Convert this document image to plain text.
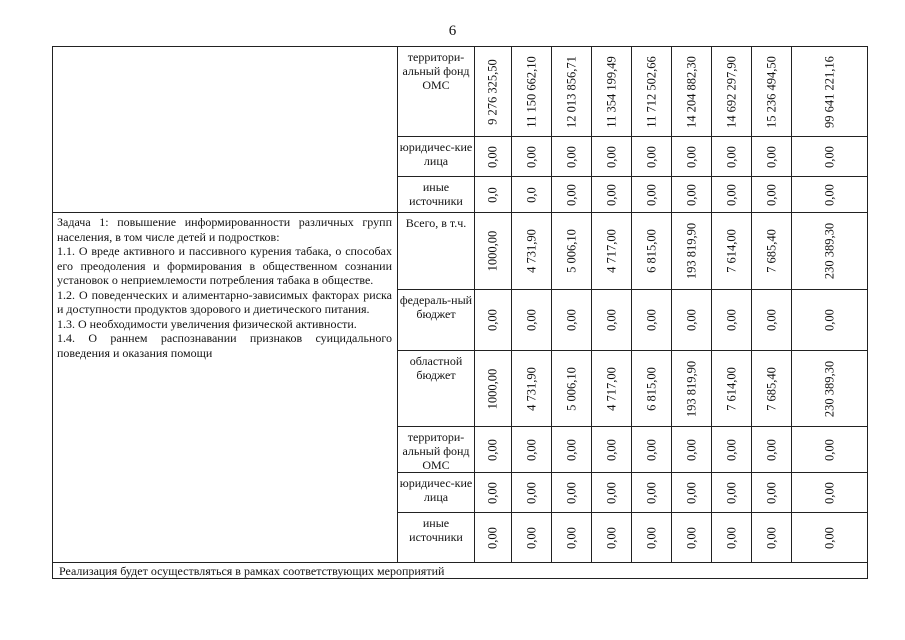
6
	территори-альный фонд ОМС	9 276 325,50	11 150 662,10	12 013 856,71	11 354 199,49	11 712 502,66	14 204 882,30	14 692 297,90	15 236 494,50	99 641 221,16

	юридичес-кие лица	0,00	0,00	0,00	0,00	0,00	0,00	0,00	0,00	0,00

	иные источники	0,0	0,0	0,00	0,00	0,00	0,00	0,00	0,00	0,00

Задача 1: повышение информированности различных групп населения, в том числе детей и подростков:

1.1. О вреде активного и пассивного курения табака, о способах его преодоления и формирования в общественном сознании установок о неприемлемости потребления табака в обществе.

1.2. О поведенческих и алиментарно-зависимых факторах риска и доступности продуктов здорового и диетического питания.

1.3. О необходимости увеличения физической активности.

1.4. О раннем распознавании признаков суицидального поведения и оказания помощи	Всего, в т.ч.	1000,00	4 731,90	5 006,10	4 717,00	6 815,00	193 819,90	7 614,00	7 685,40	230 389,30

	федераль-ный бюджет	0,00	0,00	0,00	0,00	0,00	0,00	0,00	0,00	0,00

	областной бюджет	1000,00	4 731,90	5 006,10	4 717,00	6 815,00	193 819,90	7 614,00	7 685,40	230 389,30

	территори-альный фонд ОМС	0,00	0,00	0,00	0,00	0,00	0,00	0,00	0,00	0,00

	юридичес-кие лица	0,00	0,00	0,00	0,00	0,00	0,00	0,00	0,00	0,00

	иные источники	0,00	0,00	0,00	0,00	0,00	0,00	0,00	0,00	0,00

Реализация будет осуществляться в рамках соответствующих мероприятий										
